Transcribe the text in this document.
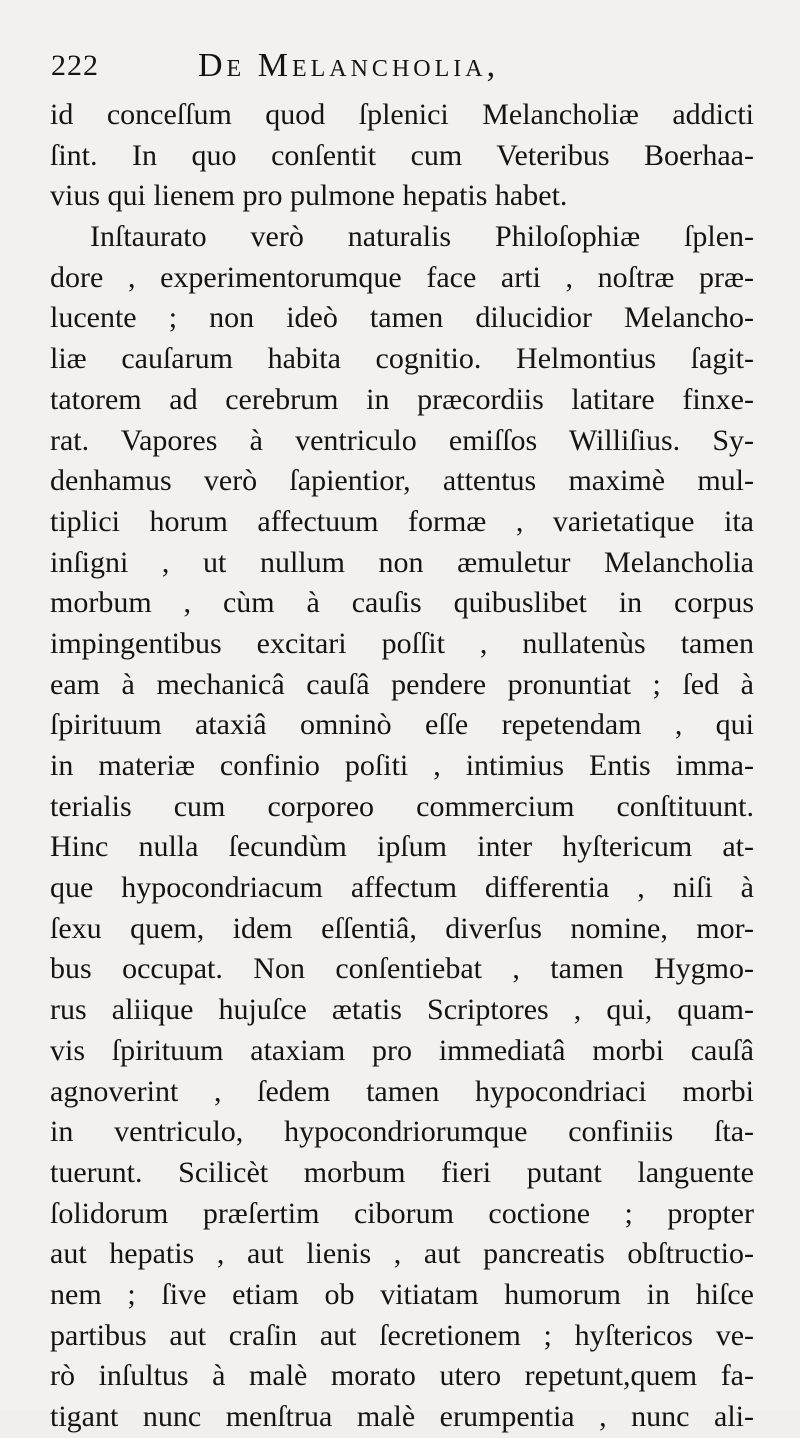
222	De Melancholia,
id conceſſum quod ſplenici Melancholiæ addicti
ſint. In quo conſentit cum Veteribus Boerhaa-
vius qui lienem pro pulmone hepatis habet.
Inſtaurato verò naturalis Philoſophiæ ſplen-
dore , experimentorumque face arti , noſtræ præ-
lucente ; non ideò tamen dilucidior Melancho-
liæ cauſarum habita cognitio. Helmontius ſagit-
tatorem ad cerebrum in præcordiis latitare finxe-
rat. Vapores à ventriculo emiſſos Williſius. Sy-
denhamus verò ſapientior, attentus maximè mul-
tiplici horum affectuum formæ , varietatique ita
inſigni , ut nullum non æmuletur Melancholia
morbum , cùm à cauſis quibuslibet in corpus
impingentibus excitari poſſit , nullatenùs tamen
eam à mechanicâ cauſâ pendere pronuntiat ; ſed à
ſpirituum ataxiâ omninò eſſe repetendam , qui
in materiæ confinio poſiti , intimius Entis imma-
terialis cum corporeo commercium conſtituunt.
Hinc nulla ſecundùm ipſum inter hyſtericum at-
que hypocondriacum affectum differentia , niſi à
ſexu quem, idem eſſentiâ, diverſus nomine, mor-
bus occupat. Non conſentiebat , tamen Hygmo-
rus aliique hujuſce ætatis Scriptores , qui, quam-
vis ſpirituum ataxiam pro immediatâ morbi cauſâ
agnoverint , ſedem tamen hypocondriaci morbi
in ventriculo, hypocondriorumque confiniis ſta-
tuerunt. Scilicèt morbum fieri putant languente
ſolidorum præſertim ciborum coctione ; propter
aut hepatis , aut lienis , aut pancreatis obſtructio-
nem ; ſive etiam ob vitiatam humorum in hiſce
partibus aut craſin aut ſecretionem ; hyſtericos ve-
rò inſultus à malè morato utero repetunt,quem fa-
tigant nunc menſtrua malè erumpentia , nunc ali-
